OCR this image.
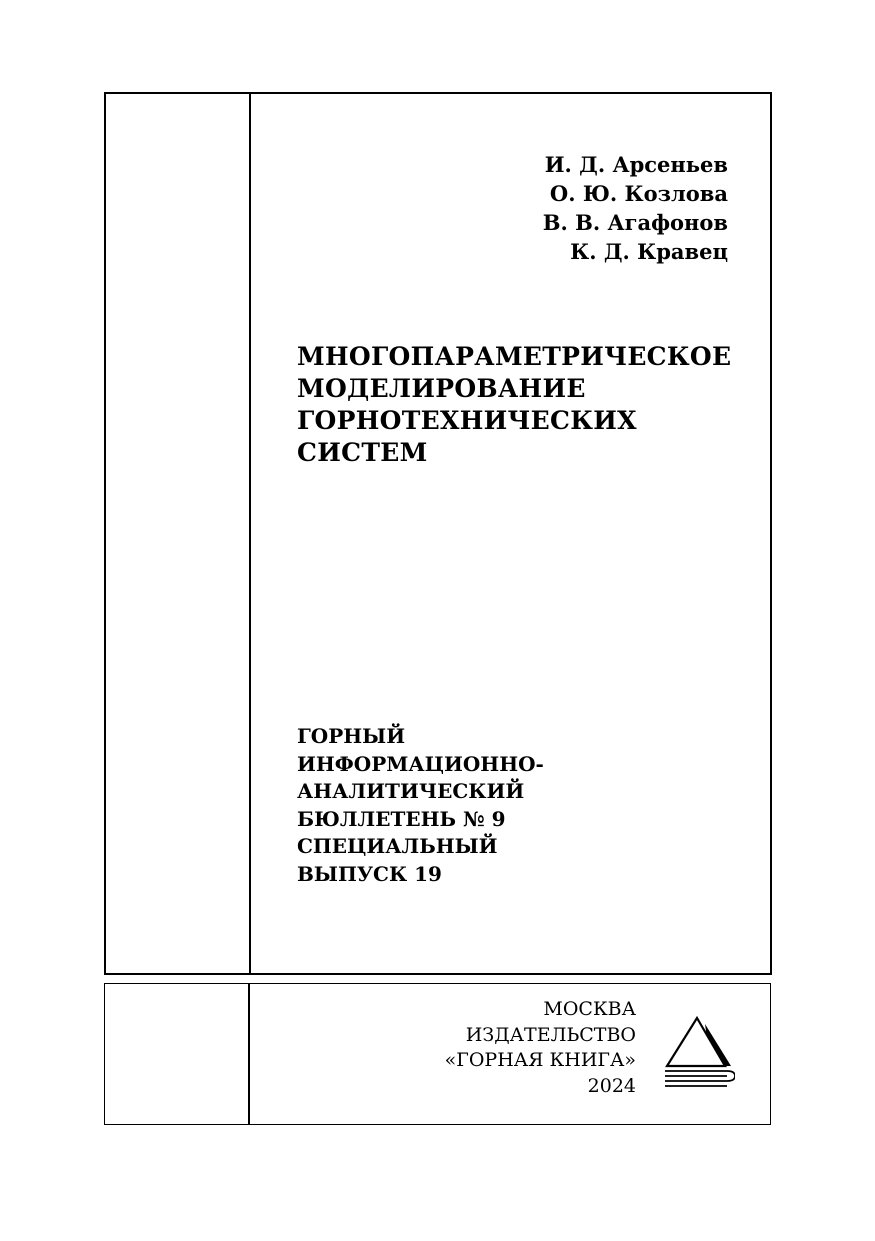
И. Д. Арсеньев
О. Ю. Козлова
В. В. Агафонов
К. Д. Кравец
МНОГОПАРАМЕТРИЧЕСКОЕ
МОДЕЛИРОВАНИЕ
ГОРНОТЕХНИЧЕСКИХ
СИСТЕМ
ГОРНЫЙ
ИНФОРМАЦИОННО-
АНАЛИТИЧЕСКИЙ
БЮЛЛЕТЕНЬ № 9
СПЕЦИАЛЬНЫЙ
ВЫПУСК 19
МОСКВА
ИЗДАТЕЛЬСТВО
«ГОРНАЯ КНИГА»
2024
